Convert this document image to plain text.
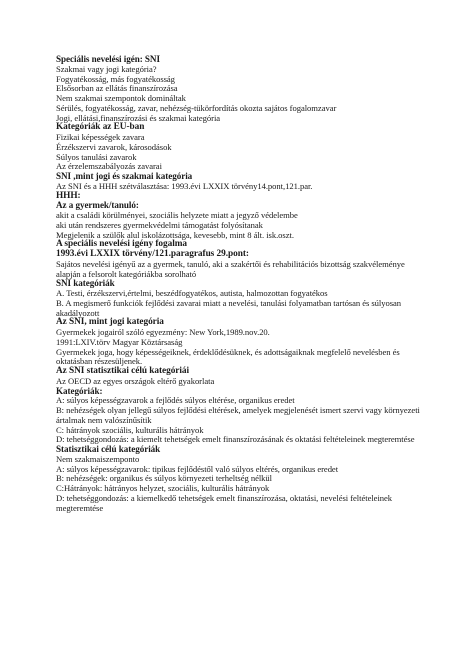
Speciális nevelési igén: SNI
Szakmai vagy jogi kategória?
Fogyatékosság, más fogyatékosság
Elsősorban az ellátás finanszírozása
Nem szakmai szempontok domináltak
Sérülés, fogyatékosság, zavar, nehézség-tükörfordítás okozta sajátos fogalomzavar
Jogi, ellátási,finanszírozási és szakmai kategória
Kategóriák az EU-ban
Fizikai képességek zavara
Érzékszervi zavarok, károsodások
Súlyos tanulási zavarok
Az érzelemszabályozás zavarai
SNI ,mint jogi és szakmai kategória
Az SNI és a HHH szétválasztása: 1993.évi LXXIX törvény14.pont,121.par.
HHH:
Az a gyermek/tanuló:
akit a családi körülményei, szociális helyzete miatt a jegyző védelembe
aki után rendszeres gyermekvédelmi támogatást folyósítanak
Megjelenik a szülők alul iskolázottsága, kevesebb, mint 8 ált. isk.oszt.
A speciális nevelési igény fogalma
1993.évi LXXIX törvény/121.paragrafus 29.pont:
Sajátos nevelési igényű az a gyermek, tanuló, aki a szakértői és rehabilitációs bizottság szakvéleménye alapján a felsorolt kategóriákba sorolható
SNI kategóriák
A. Testi, érzékszervi,értelmi, beszédfogyatékos, autista, halmozottan fogyatékos
B. A megismerő funkciók fejlődési zavarai miatt a nevelési, tanulási folyamatban tartósan és súlyosan akadályozott
Az SNI, mint jogi kategória
Gyermekek jogairól szóló egyezmény: New York,1989.nov.20.
1991:LXIV.törv Magyar Köztársaság
Gyermekek joga, hogy képességeiknek, érdeklődésüknek, és adottságaiknak megfelelő nevelésben és oktatásban részesüljenek.
Az SNI statisztikai célú kategóriái
Az OECD az egyes országok eltérő gyakorlata
Kategóriák:
A: súlyos képességzavarok a fejlődés súlyos eltérése, organikus eredet
B: nehézségek olyan jellegű súlyos fejlődési eltérések, amelyek megjelenését ismert szervi vagy környezeti ártalmak nem valószínűsítik
C: hátrányok szociális, kulturális hátrányok
D: tehetséggondozás: a kiemelt tehetségek emelt finanszírozásának és oktatási feltételeinek megteremtése
Statisztikai célú kategóriák
Nem szakmaiszemponto
A: súlyos képességzavarok: tipikus fejlődéstől való súlyos eltérés, organikus eredet
B: nehézségek: organikus és súlyos környezeti terheltség nélkül
C:Hátrányok: hátrányos helyzet, szociális, kulturális hátrányok
D: tehetséggondozás: a kiemelkedő tehetségek emelt finanszírozása, oktatási, nevelési feltételeinek megteremtése
